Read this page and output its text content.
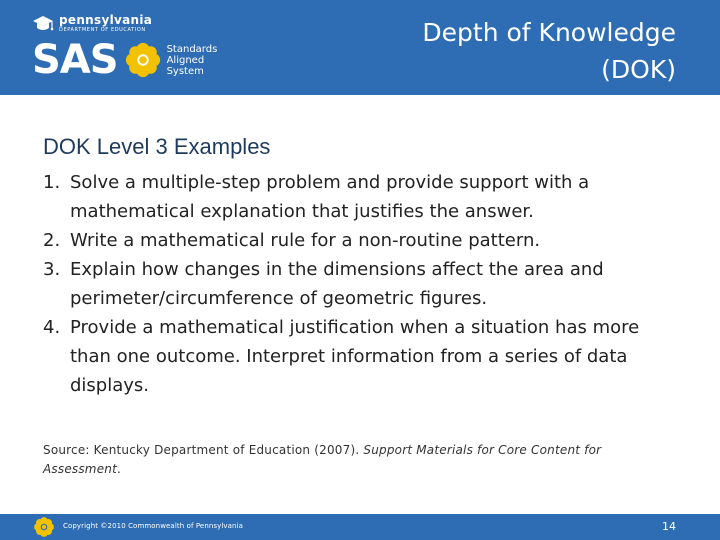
pennsylvania
DEPARTMENT OF EDUCATION
SAS	Standards
Aligned
System
Depth of Knowledge
(DOK)
DOK Level 3 Examples
1. Solve a multiple-step problem and provide support with a mathematical explanation that justifies the answer.
2. Write a mathematical rule for a non-routine pattern.
3. Explain how changes in the dimensions affect the area and perimeter/circumference of geometric figures.
4. Provide a mathematical justification when a situation has more than one outcome. Interpret information from a series of data displays.
Source: Kentucky Department of Education (2007). Support Materials for Core Content for Assessment.
Copyright ©2010 Commonwealth of Pennsylvania	14
